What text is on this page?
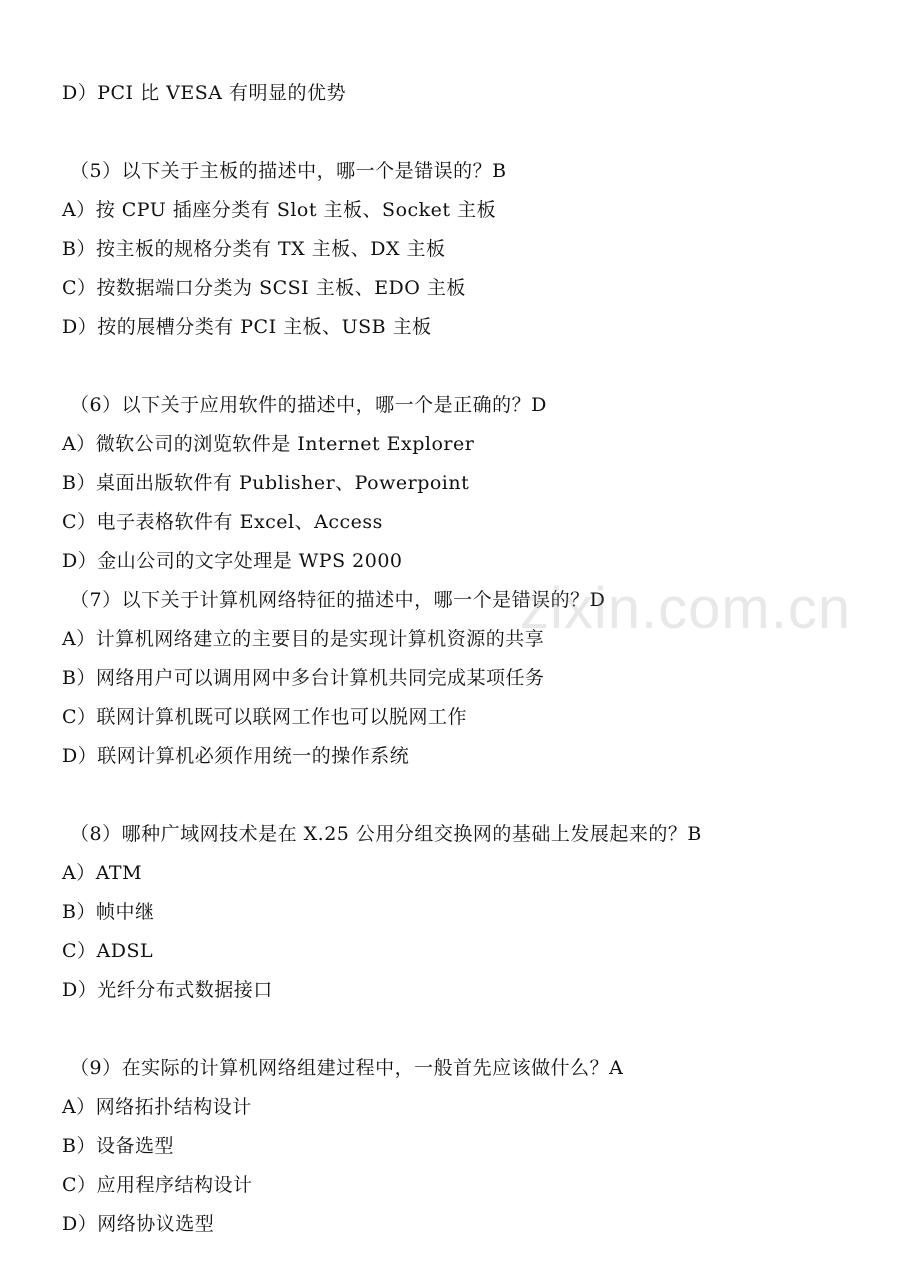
D）PCI 比 VESA 有明显的优势
（5）以下关于主板的描述中，哪一个是错误的？B
A）按 CPU 插座分类有 Slot 主板、Socket 主板
B）按主板的规格分类有 TX 主板、DX 主板
C）按数据端口分类为 SCSI 主板、EDO 主板
D）按的展槽分类有 PCI 主板、USB 主板
（6）以下关于应用软件的描述中，哪一个是正确的？D
A）微软公司的浏览软件是 Internet Explorer
B）桌面出版软件有 Publisher、Powerpoint
C）电子表格软件有 Excel、Access
D）金山公司的文字处理是 WPS 2000
（7）以下关于计算机网络特征的描述中，哪一个是错误的？D
A）计算机网络建立的主要目的是实现计算机资源的共享
B）网络用户可以调用网中多台计算机共同完成某项任务
C）联网计算机既可以联网工作也可以脱网工作
D）联网计算机必须作用统一的操作系统
（8）哪种广域网技术是在 X.25 公用分组交换网的基础上发展起来的？B
A）ATM
B）帧中继
C）ADSL
D）光纤分布式数据接口
（9）在实际的计算机网络组建过程中，一般首先应该做什么？A
A）网络拓扑结构设计
B）设备选型
C）应用程序结构设计
D）网络协议选型
zixin.com.cn
